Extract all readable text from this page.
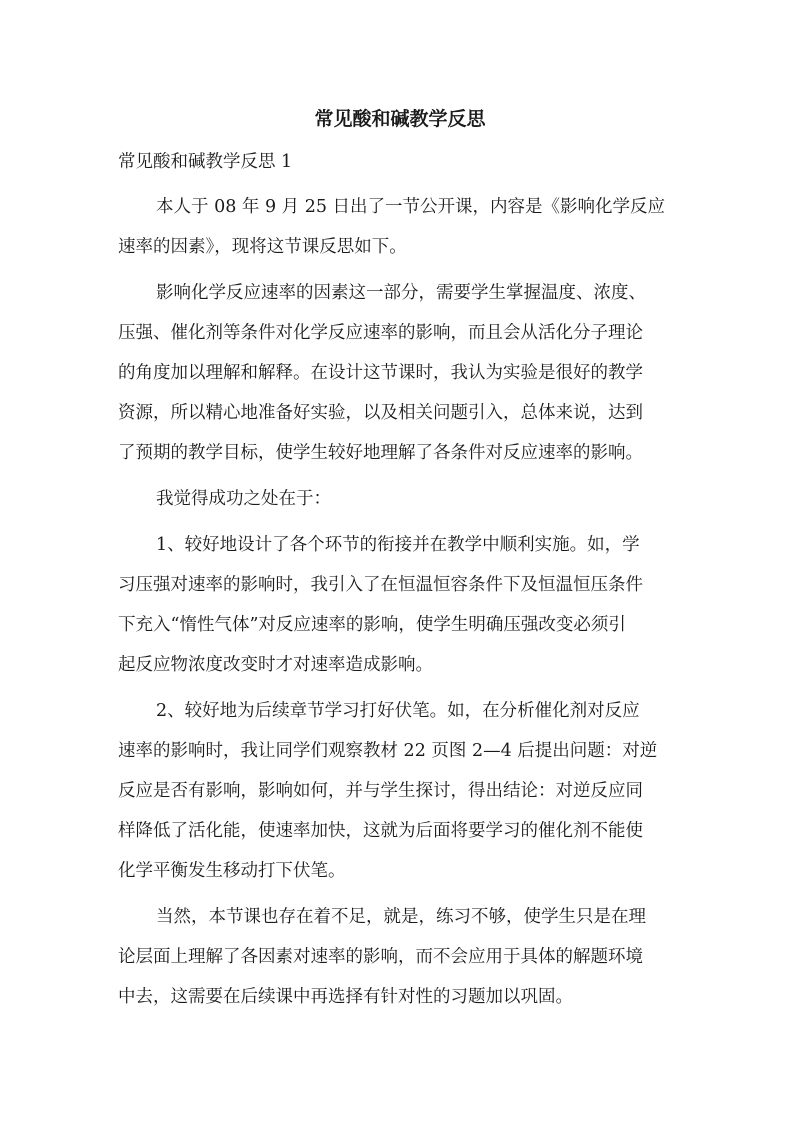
常见酸和碱教学反思

常见酸和碱教学反思 1

本人于 08 年 9 月 25 日出了一节公开课，内容是《影响化学反应
速率的因素》，现将这节课反思如下。
影响化学反应速率的因素这一部分，需要学生掌握温度、浓度、
压强、催化剂等条件对化学反应速率的影响，而且会从活化分子理论
的角度加以理解和解释。在设计这节课时，我认为实验是很好的教学
资源，所以精心地准备好实验，以及相关问题引入，总体来说，达到
了预期的教学目标，使学生较好地理解了各条件对反应速率的影响。
我觉得成功之处在于：
1、较好地设计了各个环节的衔接并在教学中顺利实施。如，学
习压强对速率的影响时，我引入了在恒温恒容条件下及恒温恒压条件
下充入“惰性气体”对反应速率的影响，使学生明确压强改变必须引
起反应物浓度改变时才对速率造成影响。
2、较好地为后续章节学习打好伏笔。如，在分析催化剂对反应
速率的影响时，我让同学们观察教材 22 页图 2—4 后提出问题：对逆
反应是否有影响，影响如何，并与学生探讨，得出结论：对逆反应同
样降低了活化能，使速率加快，这就为后面将要学习的催化剂不能使
化学平衡发生移动打下伏笔。
当然，本节课也存在着不足，就是，练习不够，使学生只是在理
论层面上理解了各因素对速率的影响，而不会应用于具体的解题环境
中去，这需要在后续课中再选择有针对性的习题加以巩固。
